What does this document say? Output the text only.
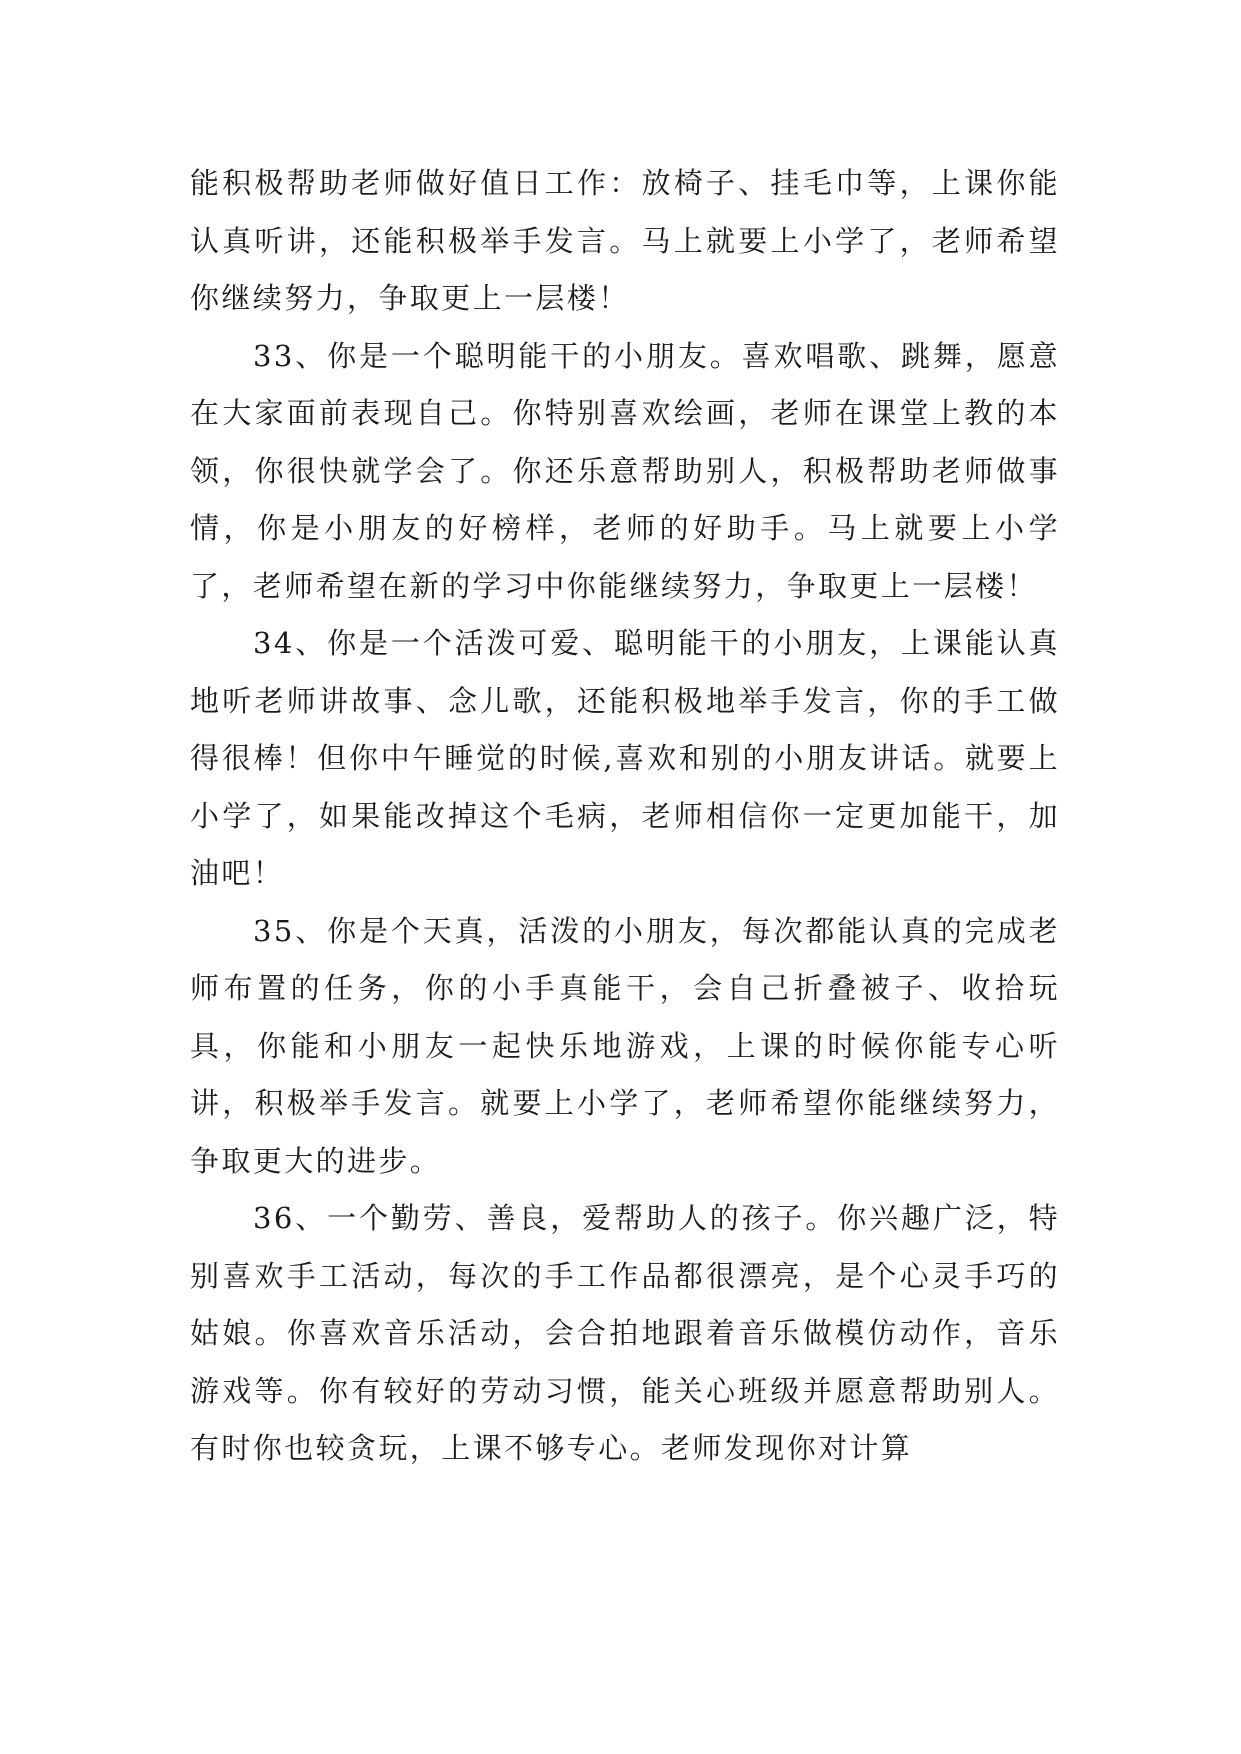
能积极帮助老师做好值日工作：放椅子、挂毛巾等，上课你能认真听讲，还能积极举手发言。马上就要上小学了，老师希望你继续努力，争取更上一层楼！

33、你是一个聪明能干的小朋友。喜欢唱歌、跳舞，愿意在大家面前表现自己。你特别喜欢绘画，老师在课堂上教的本领，你很快就学会了。你还乐意帮助别人，积极帮助老师做事情，你是小朋友的好榜样，老师的好助手。马上就要上小学了，老师希望在新的学习中你能继续努力，争取更上一层楼！

34、你是一个活泼可爱、聪明能干的小朋友，上课能认真地听老师讲故事、念儿歌，还能积极地举手发言，你的手工做得很棒！但你中午睡觉的时候,喜欢和别的小朋友讲话。就要上小学了，如果能改掉这个毛病，老师相信你一定更加能干，加油吧！

35、你是个天真，活泼的小朋友，每次都能认真的完成老师布置的任务，你的小手真能干，会自己折叠被子、收拾玩具，你能和小朋友一起快乐地游戏，上课的时候你能专心听讲，积极举手发言。就要上小学了，老师希望你能继续努力，争取更大的进步。

36、一个勤劳、善良，爱帮助人的孩子。你兴趣广泛，特别喜欢手工活动，每次的手工作品都很漂亮，是个心灵手巧的姑娘。你喜欢音乐活动，会合拍地跟着音乐做模仿动作，音乐游戏等。你有较好的劳动习惯，能关心班级并愿意帮助别人。有时你也较贪玩，上课不够专心。老师发现你对计算
